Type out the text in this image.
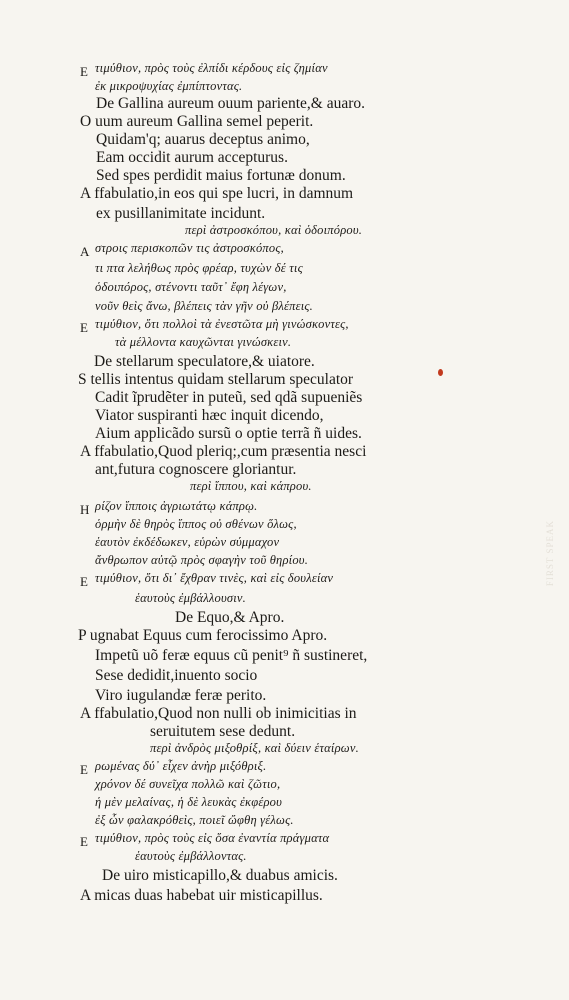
E τιμύθιον, πρὸς τοὺς ἐλπίδι κέρδους εἰς ζημίαν
ἐκ μικροψυχίας ἐμπίπτοντας.
De Gallina aureum ouum pariente,& auaro.
O uum aureum Gallina semel peperit.
Quidam'q; auarus deceptus animo,
Eam occidit aurum accepturus.
Sed spes perdidit maius fortunæ donum.
A ffabulatio,in eos qui spe lucri, in damnum
ex pusillanimitate incidunt.
περὶ ἀστροσκόπου, καὶ ὁδοιπόρου.
A στροις περισκοπῶν τις ἀστροσκόπος,
τι πτα λελήθως πρὸς φρέαρ, τυχὼν δέ τις
ὁδοιπόρος, στένοντι ταῦτ᾽ ἔφη λέγων,
νοῦν θεὶς ἄνω, βλέπεις τὰν γῆν οὐ βλέπεις.
E τιμύθιον, ὅτι πολλοὶ τὰ ἐνεστῶτα μὴ γινώσκοντες,
τὰ μέλλοντα καυχῶνται γινώσκειν.
De stellarum speculatore,& uiatore.
S tellis intentus quidam stellarum speculator
Cadit ĩprudẽter in puteũ, sed qdã supueniẽs
Viator suspiranti hæc inquit dicendo,
Aium applicãdo sursũ o optie terrã ñ uides.
A ffabulatio,Quod pleriq;,cum præsentia nesci
ant,futura cognoscere gloriantur.
περὶ ἵππου, καὶ κάπρου.
H ρίζον ἵπποις ἀγριωτάτῳ κάπρῳ.
ὁρμὴν δὲ θηρὸς ἵππος οὐ σθένων ὅλως,
ἑαυτὸν ἐκδέδωκεν, εὑρὼν σύμμαχον
ἄνθρωπον αὐτῷ πρὸς σφαγὴν τοῦ θηρίου.
E τιμύθιον, ὅτι δι᾽ ἔχθραν τινὲς, καὶ εἰς δουλείαν
ἑαυτοὺς ἐμβάλλουσιν.
De Equo,& Apro.
P ugnabat Equus cum ferocissimo Apro.
Impetũ uõ feræ equus cũ penit⁹ ñ sustineret,
Sese dedidit,inuento socio
Viro iugulandæ feræ perito.
A ffabulatio,Quod non nulli ob inimicitias in
seruitutem sese dedunt.
περὶ ἀνδρὸς μιξοθρίξ, καὶ δύειν ἑταίρων.
E ρωμένας δύ᾽ εἶχεν ἀνὴρ μιξόθριξ.
χρόνον δέ συνεῖχα πολλῶ καὶ ζῶτιο,
ἡ μὲν μελαίνας, ἡ δὲ λευκὰς ἐκφέρου
ἐξ ὧν φαλακρόθεὶς, ποιεῖ ὤφθη γέλως.
E τιμύθιον, πρὸς τοὺς εἰς ὅσα ἐναντία πράγματα
ἑαυτοὺς ἐμβάλλοντας.
De uiro misticapillo,& duabus amicis.
A micas duas habebat uir misticapillus.
FIRST SPEAK
